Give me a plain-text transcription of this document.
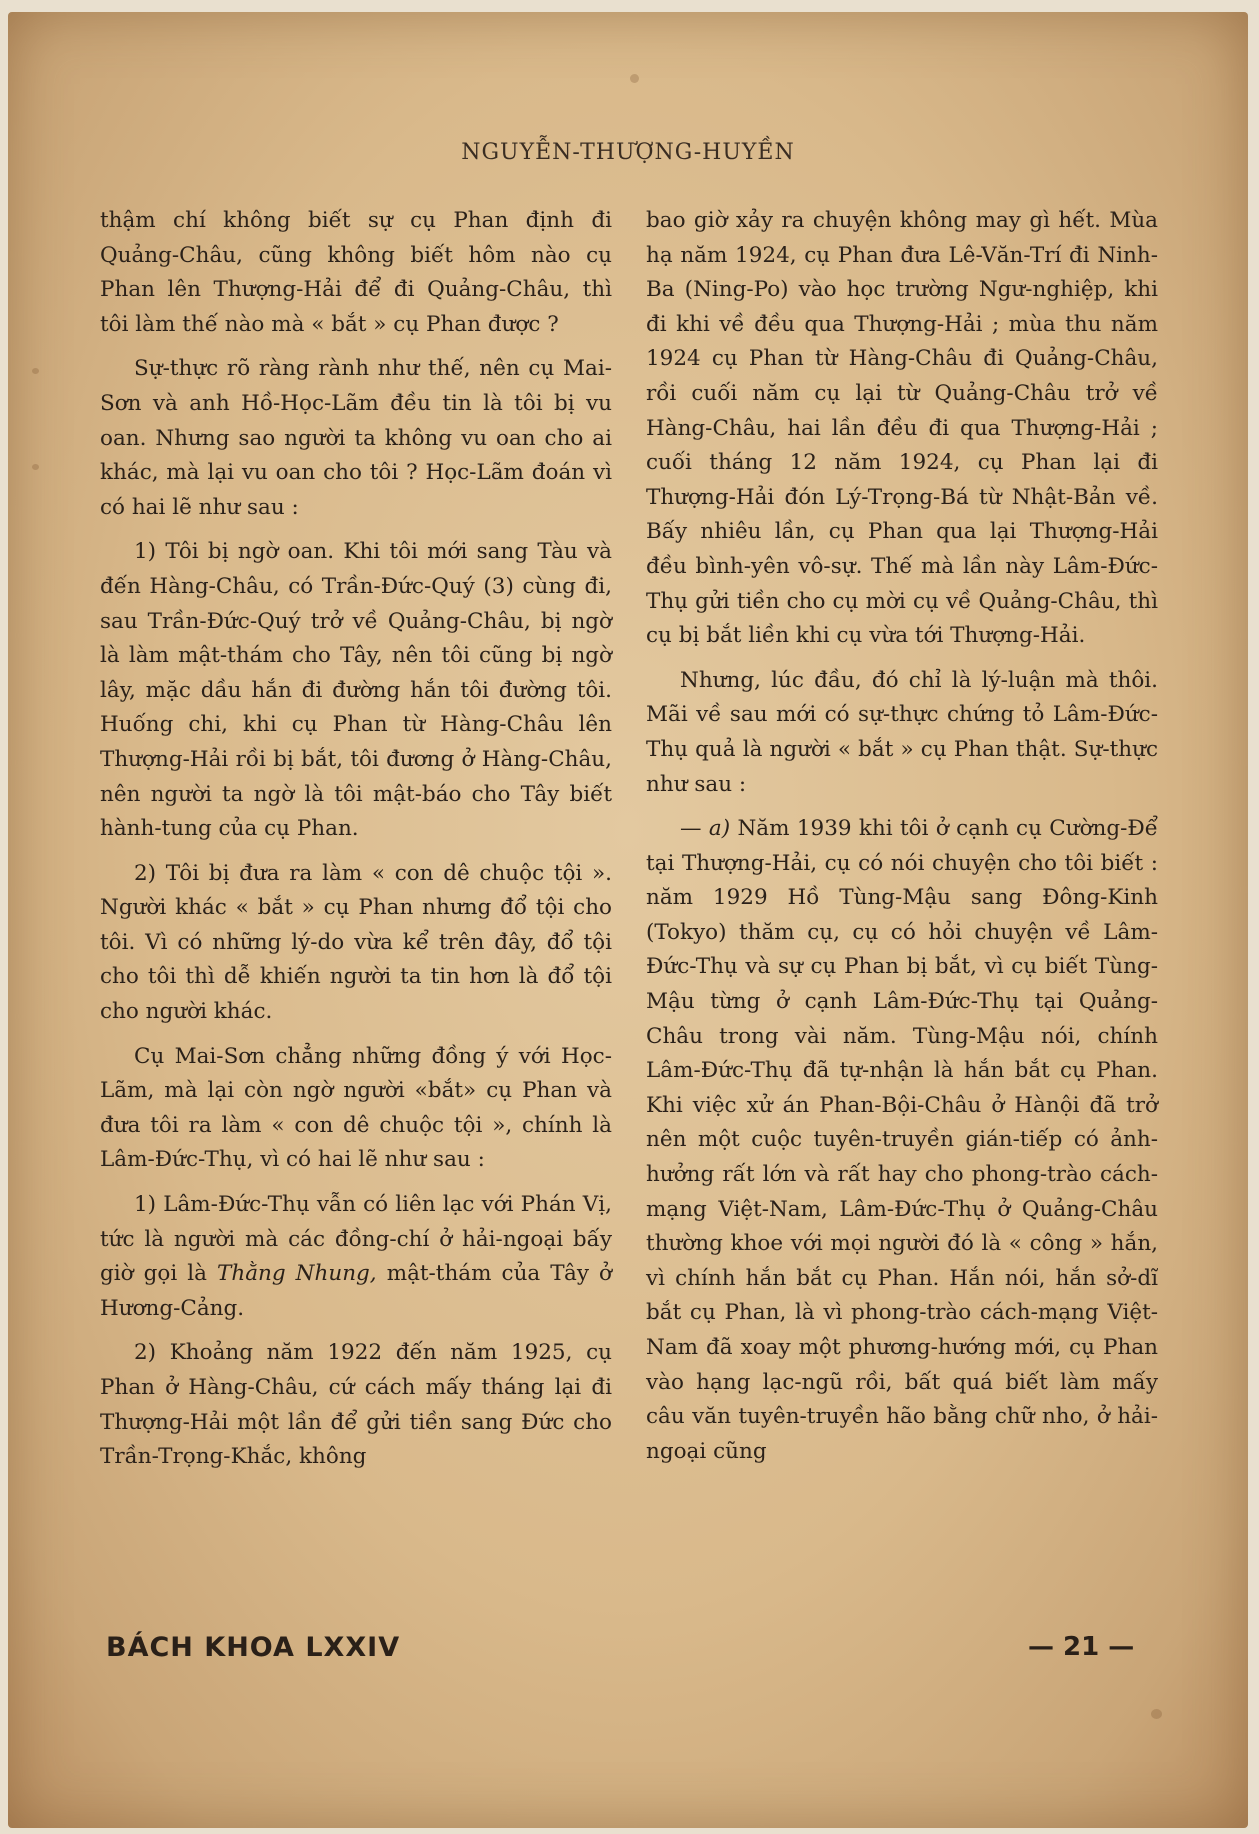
NGUYỄN-THƯỢNG-HUYỀN

thậm chí không biết sự cụ Phan định đi Quảng-Châu, cũng không biết hôm nào cụ Phan lên Thượng-Hải để đi Quảng-Châu, thì tôi làm thế nào mà « bắt » cụ Phan được ?

Sự-thực rõ ràng rành như thế, nên cụ Mai-Sơn và anh Hồ-Học-Lãm đều tin là tôi bị vu oan. Nhưng sao người ta không vu oan cho ai khác, mà lại vu oan cho tôi ? Học-Lãm đoán vì có hai lẽ như sau :

1) Tôi bị ngờ oan. Khi tôi mới sang Tàu và đến Hàng-Châu, có Trần-Đức-Quý (3) cùng đi, sau Trần-Đức-Quý trở về Quảng-Châu, bị ngờ là làm mật-thám cho Tây, nên tôi cũng bị ngờ lây, mặc dầu hắn đi đường hắn tôi đường tôi. Huống chi, khi cụ Phan từ Hàng-Châu lên Thượng-Hải rồi bị bắt, tôi đương ở Hàng-Châu, nên người ta ngờ là tôi mật-báo cho Tây biết hành-tung của cụ Phan.

2) Tôi bị đưa ra làm « con dê chuộc tội ». Người khác « bắt » cụ Phan nhưng đổ tội cho tôi. Vì có những lý-do vừa kể trên đây, đổ tội cho tôi thì dễ khiến người ta tin hơn là đổ tội cho người khác.

Cụ Mai-Sơn chẳng những đồng ý với Học-Lãm, mà lại còn ngờ người «bắt» cụ Phan và đưa tôi ra làm « con dê chuộc tội », chính là Lâm-Đức-Thụ, vì có hai lẽ như sau :

1) Lâm-Đức-Thụ vẫn có liên lạc với Phán Vị, tức là người mà các đồng-chí ở hải-ngoại bấy giờ gọi là Thằng Nhung, mật-thám của Tây ở Hương-Cảng.

2) Khoảng năm 1922 đến năm 1925, cụ Phan ở Hàng-Châu, cứ cách mấy tháng lại đi Thượng-Hải một lần để gửi tiền sang Đức cho Trần-Trọng-Khắc, không

bao giờ xảy ra chuyện không may gì hết. Mùa hạ năm 1924, cụ Phan đưa Lê-Văn-Trí đi Ninh-Ba (Ning-Po) vào học trường Ngư-nghiệp, khi đi khi về đều qua Thượng-Hải ; mùa thu năm 1924 cụ Phan từ Hàng-Châu đi Quảng-Châu, rồi cuối năm cụ lại từ Quảng-Châu trở về Hàng-Châu, hai lần đều đi qua Thượng-Hải ; cuối tháng 12 năm 1924, cụ Phan lại đi Thượng-Hải đón Lý-Trọng-Bá từ Nhật-Bản về. Bấy nhiêu lần, cụ Phan qua lại Thượng-Hải đều bình-yên vô-sự. Thế mà lần này Lâm-Đức-Thụ gửi tiền cho cụ mời cụ về Quảng-Châu, thì cụ bị bắt liền khi cụ vừa tới Thượng-Hải.

Nhưng, lúc đầu, đó chỉ là lý-luận mà thôi. Mãi về sau mới có sự-thực chứng tỏ Lâm-Đức-Thụ quả là người « bắt » cụ Phan thật. Sự-thực như sau :

— a) Năm 1939 khi tôi ở cạnh cụ Cường-Để tại Thượng-Hải, cụ có nói chuyện cho tôi biết : năm 1929 Hồ Tùng-Mậu sang Đông-Kinh (Tokyo) thăm cụ, cụ có hỏi chuyện về Lâm-Đức-Thụ và sự cụ Phan bị bắt, vì cụ biết Tùng-Mậu từng ở cạnh Lâm-Đức-Thụ tại Quảng-Châu trong vài năm. Tùng-Mậu nói, chính Lâm-Đức-Thụ đã tự-nhận là hắn bắt cụ Phan. Khi việc xử án Phan-Bội-Châu ở Hànội đã trở nên một cuộc tuyên-truyền gián-tiếp có ảnh-hưởng rất lớn và rất hay cho phong-trào cách-mạng Việt-Nam, Lâm-Đức-Thụ ở Quảng-Châu thường khoe với mọi người đó là « công » hắn, vì chính hắn bắt cụ Phan. Hắn nói, hắn sở-dĩ bắt cụ Phan, là vì phong-trào cách-mạng Việt-Nam đã xoay một phương-hướng mới, cụ Phan vào hạng lạc-ngũ rồi, bất quá biết làm mấy câu văn tuyên-truyền hão bằng chữ nho, ở hải-ngoại cũng

BÁCH KHOA LXXIV	— 21 —
